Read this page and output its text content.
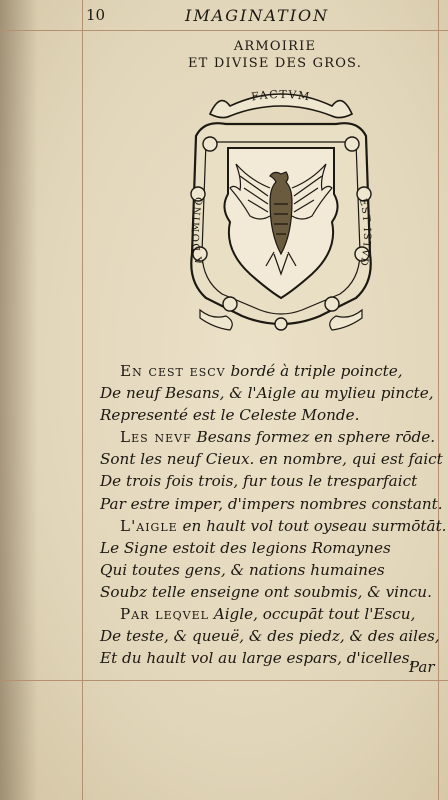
10	IMAGINATION
ARMOIRIE
ET DIVISE DES GROS.
FACTVM
A DOMINO	EST ISTVD
En cest escv bordé à triple poincte,
De neuf Besans, & l'Aigle au mylieu pincte,
Representé est le Celeste Monde.
Les nevf Besans formez en sphere rōde.
Sont les neuf Cieux. en nombre, qui est faict
De trois fois trois, fur tous le tresparfaict
Par estre imper, d'impers nombres constant.
L'aigle en hault vol tout oyseau surmōtāt.
Le Signe estoit des legions Romaynes
Qui toutes gens, & nations humaines
Soubz telle enseigne ont soubmis, & vincu.
Par leqvel Aigle, occupāt tout l'Escu,
De teste, & queuë, & des piedz, & des ailes,
Et du hault vol au large espars, d'icelles,
Par
